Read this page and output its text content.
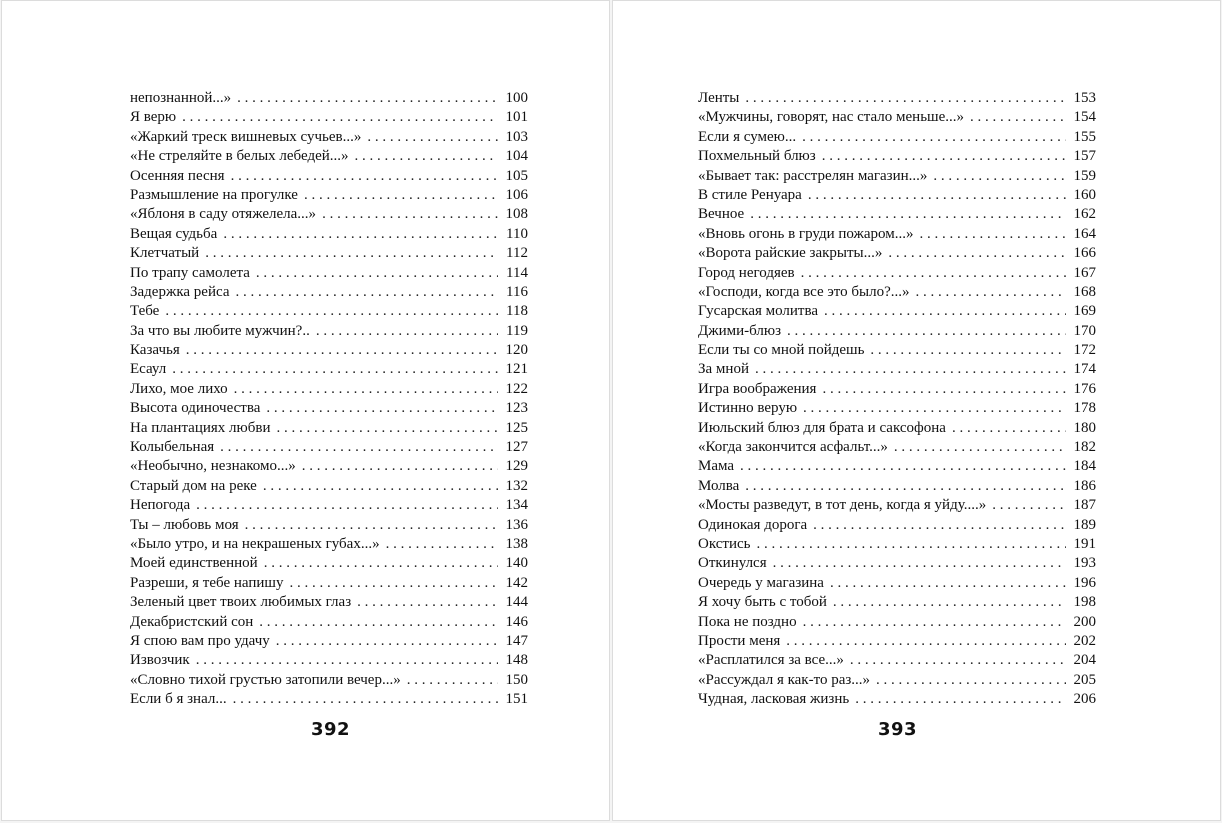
непознанной...» . . .	100
Я верю . . .	101
«Жаркий треск вишневых сучьев...» . . .	103
«Не стреляйте в белых лебедей...» . . .	104
Осенняя песня . . .	105
Размышление на прогулке . . .	106
«Яблоня в саду отяжелела...» . . .	108
Вещая судьба . . .	110
Клетчатый . . .	112
По трапу самолета . . .	114
Задержка рейса . . .	116
Тебе . . .	118
За что вы любите мужчин?.. . . .	119
Казачья . . .	120
Есаул . . .	121
Лихо, мое лихо . . .	122
Высота одиночества . . .	123
На плантациях любви . . .	125
Колыбельная . . .	127
«Необычно, незнакомо...» . . .	129
Старый дом на реке . . .	132
Непогода . . .	134
Ты – любовь моя . . .	136
«Было утро, и на некрашеных губах...» . . .	138
Моей единственной . . .	140
Разреши, я тебе напишу . . .	142
Зеленый цвет твоих любимых глаз . . .	144
Декабристский сон . . .	146
Я спою вам про удачу . . .	147
Извозчик . . .	148
«Словно тихой грустью затопили вечер...» . . .	150
Если б я знал... . . .	151
392
Ленты . . .	153
«Мужчины, говорят, нас стало меньше...» . . .	154
Если я сумею... . . .	155
Похмельный блюз . . .	157
«Бывает так: расстрелян магазин...» . . .	159
В стиле Ренуара . . .	160
Вечное . . .	162
«Вновь огонь в груди пожаром...» . . .	164
«Ворота райские закрыты...» . . .	166
Город негодяев . . .	167
«Господи, когда все это было?...» . . .	168
Гусарская молитва . . .	169
Джими-блюз . . .	170
Если ты со мной пойдешь . . .	172
За мной . . .	174
Игра воображения . . .	176
Истинно верую . . .	178
Июльский блюз для брата и саксофона . . .	180
«Когда закончится асфальт...» . . .	182
Мама . . .	184
Молва . . .	186
«Мосты разведут, в тот день, когда я уйду....» . . .	187
Одинокая дорога . . .	189
Окстись . . .	191
Откинулся . . .	193
Очередь у магазина . . .	196
Я хочу быть с тобой . . .	198
Пока не поздно . . .	200
Прости меня . . .	202
«Расплатился за все...» . . .	204
«Рассуждал я как-то раз...» . . .	205
Чудная, ласковая жизнь . . .	206
393
